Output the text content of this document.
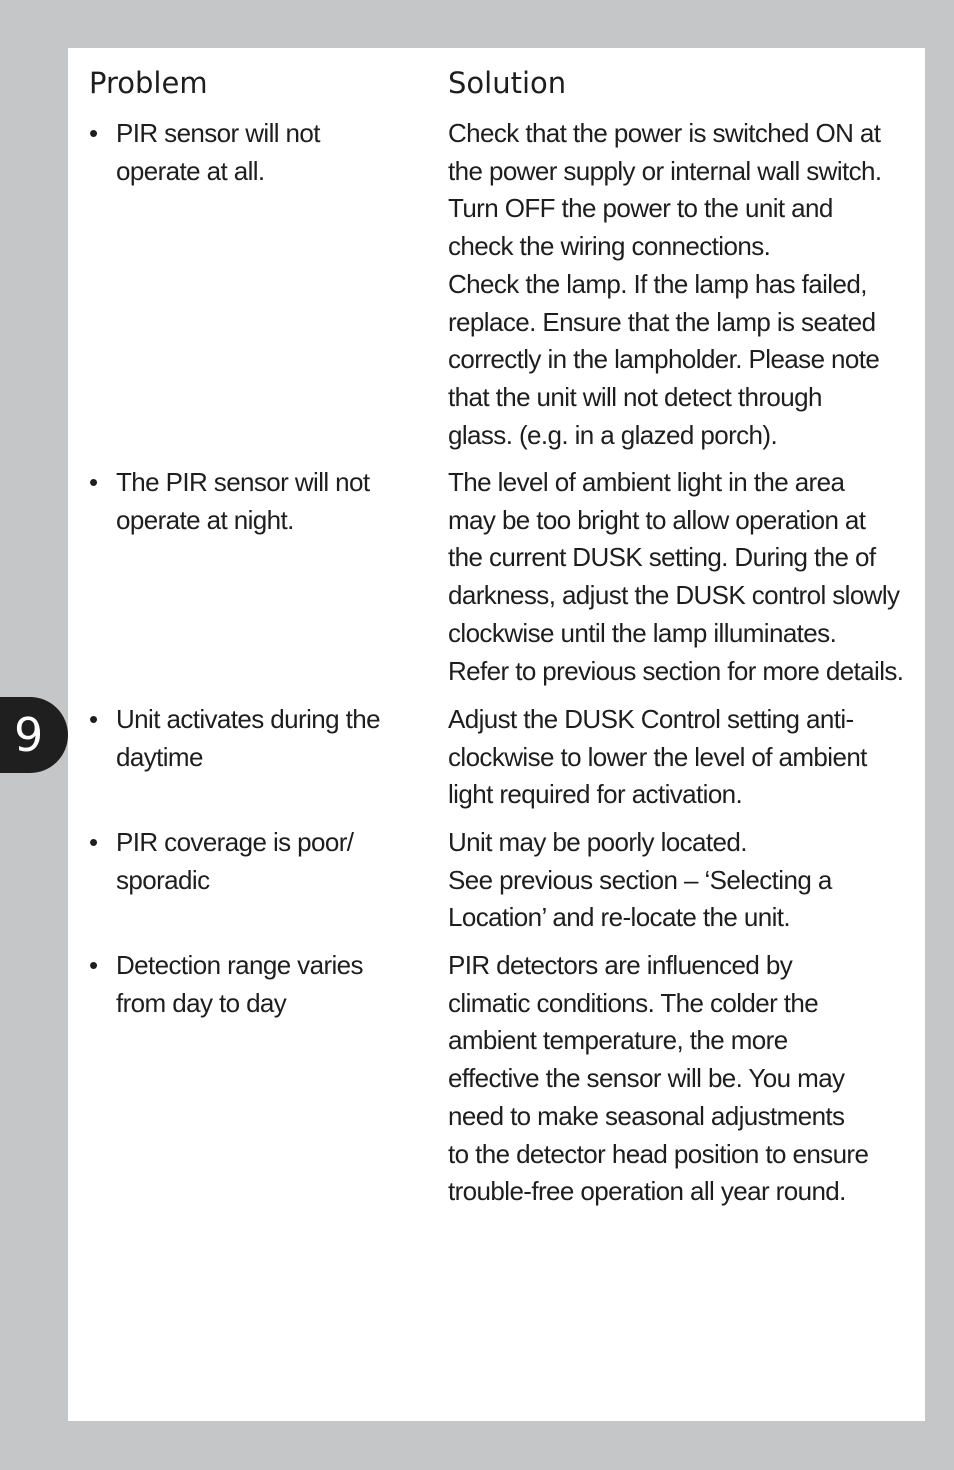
9
Problem	Solution
• PIR sensor will not
operate at all.
Check that the power is switched ON at
the power supply or internal wall switch.
Turn OFF the power to the unit and
check the wiring connections.
Check the lamp. If the lamp has failed,
replace. Ensure that the lamp is seated
correctly in the lampholder. Please note
that the unit will not detect through
glass. (e.g. in a glazed porch).
• The PIR sensor will not
operate at night.
The level of ambient light in the area
may be too bright to allow operation at
the current DUSK setting. During the of
darkness, adjust the DUSK control slowly
clockwise until the lamp illuminates.
Refer to previous section for more details.
• Unit activates during the
daytime
Adjust the DUSK Control setting anti-
clockwise to lower the level of ambient
light required for activation.
• PIR coverage is poor/
sporadic
Unit may be poorly located.
See previous section – ‘Selecting a
Location’ and re-locate the unit.
• Detection range varies
from day to day
PIR detectors are influenced by
climatic conditions. The colder the
ambient temperature, the more
effective the sensor will be. You may
need to make seasonal adjustments
to the detector head position to ensure
trouble-free operation all year round.
